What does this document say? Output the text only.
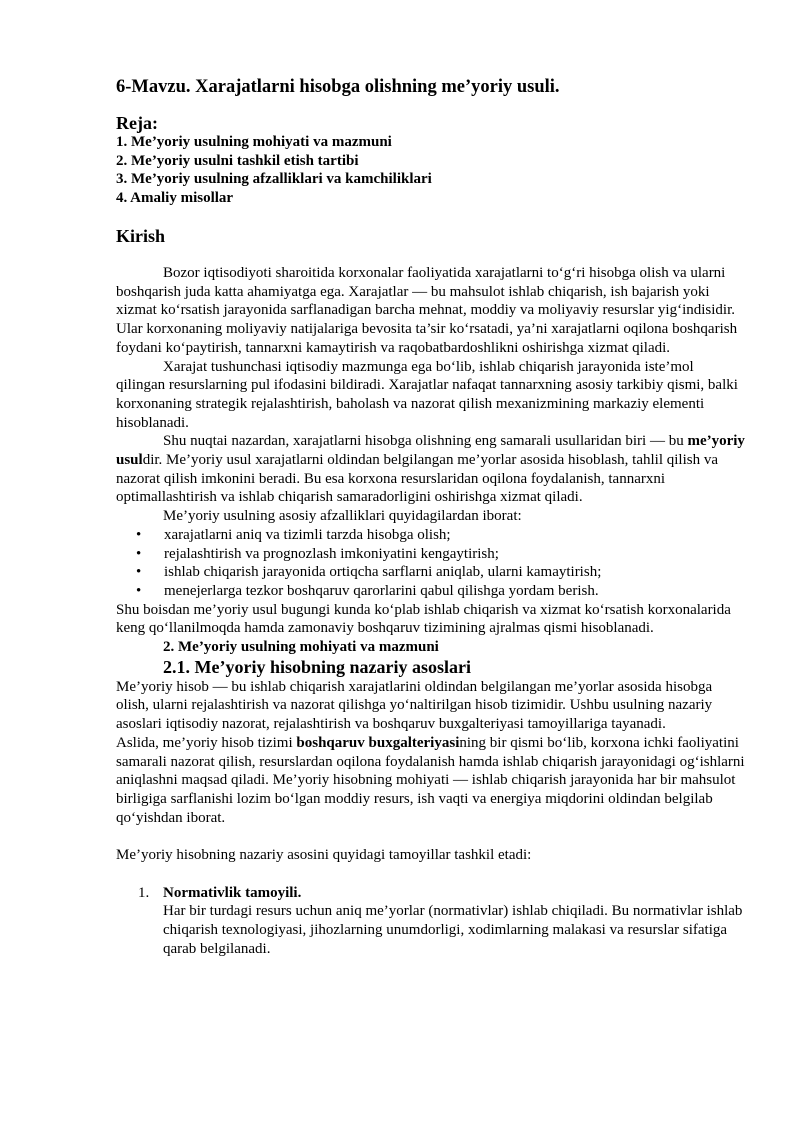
6-Mavzu. Xarajatlarni hisobga olishning me’yoriy usuli.
Reja:
1. Me’yoriy usulning mohiyati va mazmuni
2. Me’yoriy usulni tashkil etish tartibi
3. Me’yoriy usulning afzalliklari va kamchiliklari
4. Amaliy misollar
Kirish

Bozor iqtisodiyoti sharoitida korxonalar faoliyatida xarajatlarni to‘g‘ri hisobga olish va ularni boshqarish juda katta ahamiyatga ega. Xarajatlar — bu mahsulot ishlab chiqarish, ish bajarish yoki xizmat ko‘rsatish jarayonida sarflanadigan barcha mehnat, moddiy va moliyaviy resurslar yig‘indisidir. Ular korxonaning moliyaviy natijalariga bevosita ta’sir ko‘rsatadi, ya’ni xarajatlarni oqilona boshqarish foydani ko‘paytirish, tannarxni kamaytirish va raqobatbardoshlikni oshirishga xizmat qiladi.

Xarajat tushunchasi iqtisodiy mazmunga ega bo‘lib, ishlab chiqarish jarayonida iste’mol qilingan resurslarning pul ifodasini bildiradi. Xarajatlar nafaqat tannarxning asosiy tarkibiy qismi, balki korxonaning strategik rejalashtirish, baholash va nazorat qilish mexanizmining markaziy elementi hisoblanadi.

Shu nuqtai nazardan, xarajatlarni hisobga olishning eng samarali usullaridan biri — bu me’yoriy usuldir. Me’yoriy usul xarajatlarni oldindan belgilangan me’yorlar asosida hisoblash, tahlil qilish va nazorat qilish imkonini beradi. Bu esa korxona resurslaridan oqilona foydalanish, tannarxni optimallashtirish va ishlab chiqarish samaradorligini oshirishga xizmat qiladi.

Me’yoriy usulning asosiy afzalliklari quyidagilardan iborat:

• xarajatlarni aniq va tizimli tarzda hisobga olish;
• rejalashtirish va prognozlash imkoniyatini kengaytirish;
• ishlab chiqarish jarayonida ortiqcha sarflarni aniqlab, ularni kamaytirish;
• menejerlarga tezkor boshqaruv qarorlarini qabul qilishga yordam berish.

Shu boisdan me’yoriy usul bugungi kunda ko‘plab ishlab chiqarish va xizmat ko‘rsatish korxonalarida keng qo‘llanilmoqda hamda zamonaviy boshqaruv tizimining ajralmas qismi hisoblanadi.

2. Me’yoriy usulning mohiyati va mazmuni
2.1. Me’yoriy hisobning nazariy asoslari

Me’yoriy hisob — bu ishlab chiqarish xarajatlarini oldindan belgilangan me’yorlar asosida hisobga olish, ularni rejalashtirish va nazorat qilishga yo‘naltirilgan hisob tizimidir. Ushbu usulning nazariy asoslari iqtisodiy nazorat, rejalashtirish va boshqaruv buxgalteriyasi tamoyillariga tayanadi.

Aslida, me’yoriy hisob tizimi boshqaruv buxgalteriyasining bir qismi bo‘lib, korxona ichki faoliyatini samarali nazorat qilish, resurslardan oqilona foydalanish hamda ishlab chiqarish jarayonidagi og‘ishlarni aniqlashni maqsad qiladi. Me’yoriy hisobning mohiyati — ishlab chiqarish jarayonida har bir mahsulot birligiga sarflanishi lozim bo‘lgan moddiy resurs, ish vaqti va energiya miqdorini oldindan belgilab qo‘yishdan iborat.

Me’yoriy hisobning nazariy asosini quyidagi tamoyillar tashkil etadi:

1. Normativlik tamoyili.
Har bir turdagi resurs uchun aniq me’yorlar (normativlar) ishlab chiqiladi. Bu normativlar ishlab chiqarish texnologiyasi, jihozlarning unumdorligi, xodimlarning malakasi va resurslar sifatiga qarab belgilanadi.
